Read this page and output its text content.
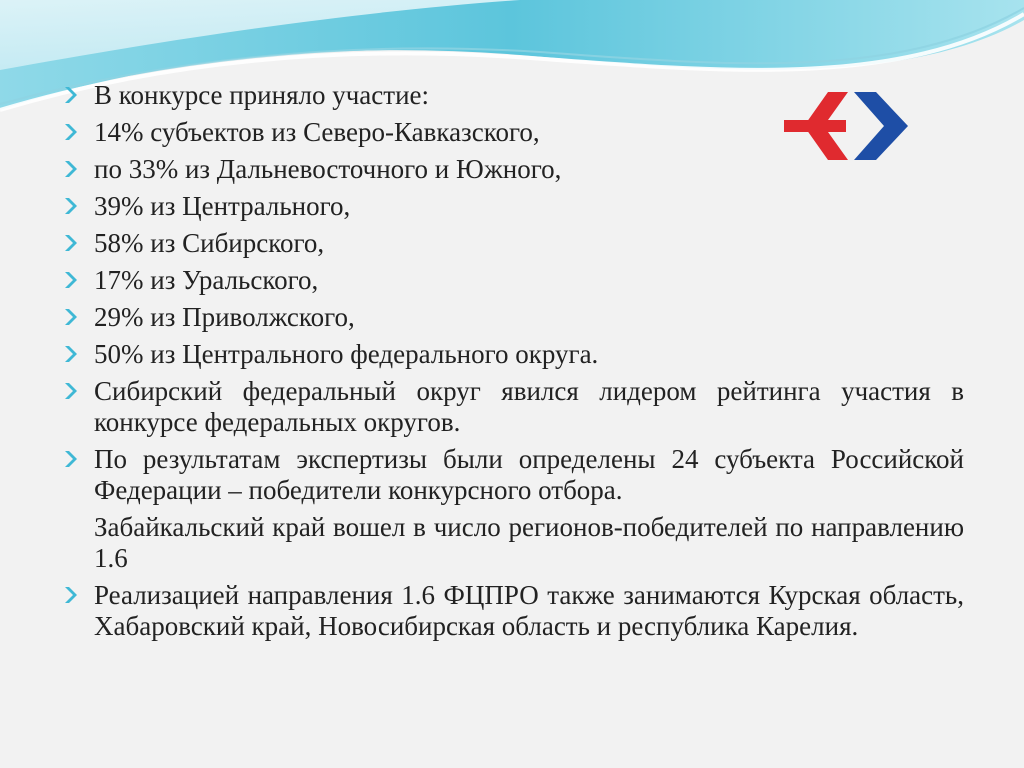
В конкурсе приняло участие:
14% субъектов из Северо-Кавказского,
по 33% из Дальневосточного и Южного,
39% из Центрального,
58% из Сибирского,
17% из Уральского,
29% из Приволжского,
50% из Центрального федерального округа.
Сибирский федеральный округ явился лидером рейтинга участия в конкурсе федеральных округов.
По результатам экспертизы были определены 24 субъекта Российской Федерации – победители конкурсного отбора.
Забайкальский край вошел в число регионов-победителей по направлению 1.6
Реализацией направления 1.6 ФЦПРО также занимаются Курская область, Хабаровский край, Новосибирская область и республика Карелия.
